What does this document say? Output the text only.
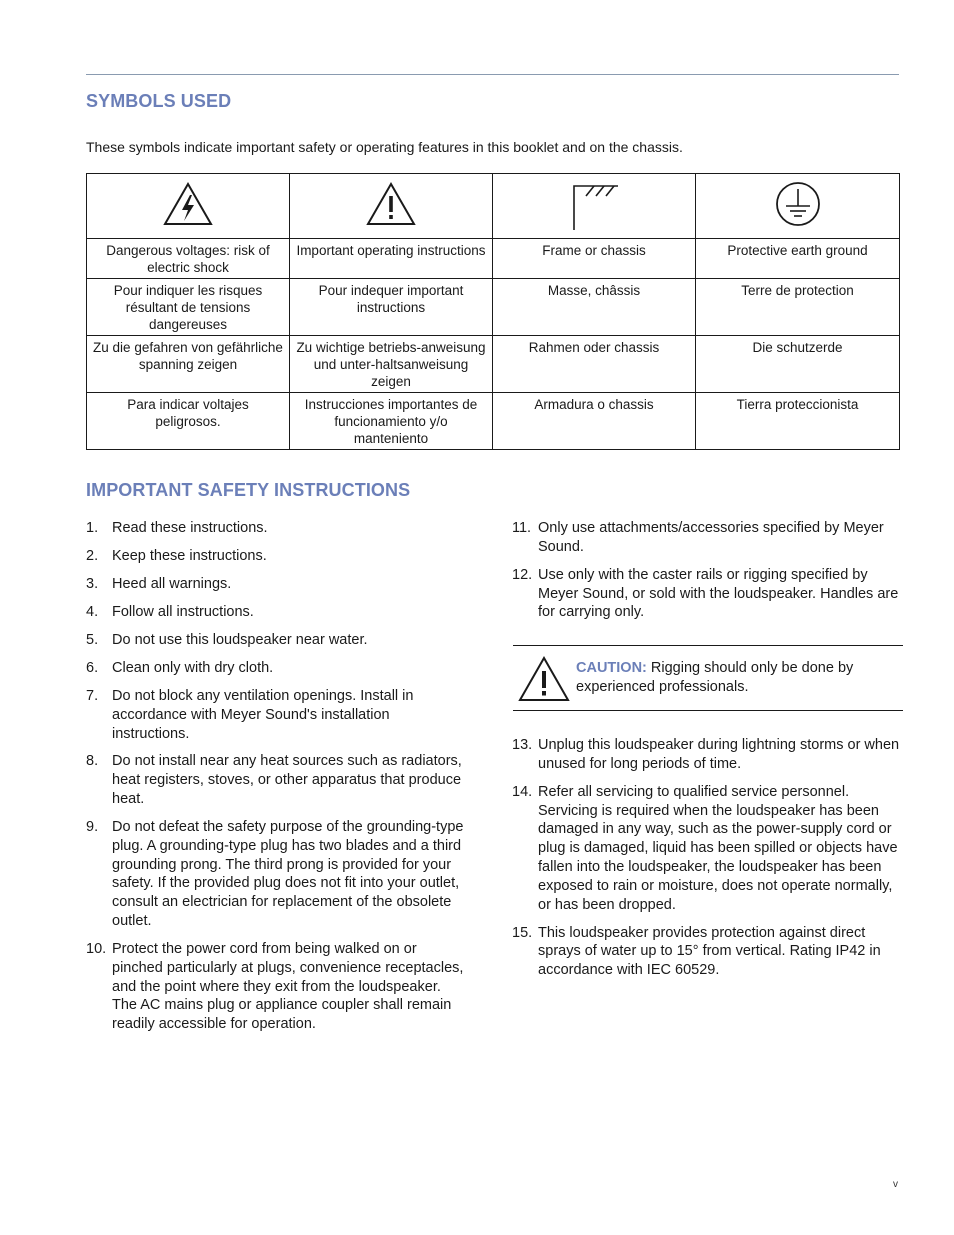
SYMBOLS USED

These symbols indicate important safety or operating features in this booklet and on the chassis.

Dangerous voltages: risk of electric shock	Important operating instructions	Frame or chassis	Protective earth ground
Pour indiquer les risques résultant de tensions dangereuses	Pour indequer important instructions	Masse, châssis	Terre de protection
Zu die gefahren von gefährliche spanning zeigen	Zu wichtige betriebs-anweisung und unter-haltsanweisung zeigen	Rahmen oder chassis	Die schutzerde
Para indicar voltajes peligrosos.	Instrucciones importantes de funcionamiento y/o manteniento	Armadura o chassis	Tierra proteccionista
IMPORTANT SAFETY INSTRUCTIONS
1. Read these instructions.
2. Keep these instructions.
3. Heed all warnings.
4. Follow all instructions.
5. Do not use this loudspeaker near water.
6. Clean only with dry cloth.
7. Do not block any ventilation openings. Install in accordance with Meyer Sound's installation instructions.
8. Do not install near any heat sources such as radiators, heat registers, stoves, or other apparatus that produce heat.
9. Do not defeat the safety purpose of the grounding-type plug. A grounding-type plug has two blades and a third grounding prong. The third prong is provided for your safety. If the provided plug does not fit into your outlet, consult an electrician for replacement of the obsolete outlet.
10. Protect the power cord from being walked on or pinched particularly at plugs, convenience receptacles, and the point where they exit from the loudspeaker. The AC mains plug or appliance coupler shall remain readily accessible for operation.
11. Only use attachments/accessories specified by Meyer Sound.
12. Use only with the caster rails or rigging specified by Meyer Sound, or sold with the loudspeaker. Handles are for carrying only.
CAUTION: Rigging should only be done by experienced professionals.
13. Unplug this loudspeaker during lightning storms or when unused for long periods of time.
14. Refer all servicing to qualified service personnel. Servicing is required when the loudspeaker has been damaged in any way, such as the power-supply cord or plug is damaged, liquid has been spilled or objects have fallen into the loudspeaker, the loudspeaker has been exposed to rain or moisture, does not operate normally, or has been dropped.
15. This loudspeaker provides protection against direct sprays of water up to 15° from vertical. Rating IP42 in accordance with IEC 60529.
v
